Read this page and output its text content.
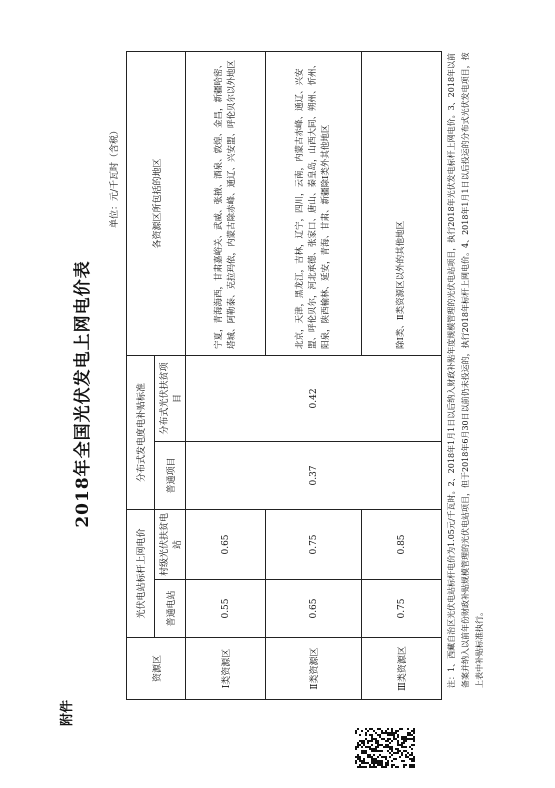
附件
2018年全国光伏发电上网电价表
单位：元/千瓦时（含税）
资源区	光伏电站标杆上网电价		分布式发电度电补贴标准		各资源区所包括的地区
	普通电站	村级光伏扶贫电站	普通项目	分布式光伏扶贫项目	
Ⅰ类资源区	0.55	0.65	0.37	0.42	宁夏，青海海西，甘肃嘉峪关、武威、张掖、酒泉、敦煌、金昌，新疆哈密、塔城、阿勒泰、克拉玛依，内蒙古除赤峰、通辽、兴安盟、呼伦贝尔以外地区
Ⅱ类资源区	0.65	0.75			北京，天津，黑龙江，吉林，辽宁，四川，云南，内蒙古赤峰、通辽、兴安盟、呼伦贝尔，河北承德、张家口、唐山、秦皇岛，山西大同、朔州、忻州、阳泉，陕西榆林、延安，青海、甘肃、新疆除Ⅰ类外其他地区
Ⅲ类资源区	0.75	0.85			除Ⅰ类、Ⅱ类资源区以外的其他地区	注：1、西藏自治区光伏电站标杆电价为1.05元/千瓦时。2、2018年1月1日以后纳入财政补贴年度规模管理的光伏电站项目，执行2018年光伏发电标杆上网电价。3、2018年以前备案并纳入以前年份财政补贴规模管理的光伏电站项目，但于2018年6月30日以前仍未投运的，执行2018年标杆上网电价。4、2018年1月1日以后投运的分布式光伏发电项目，按上表中补贴标准执行。
